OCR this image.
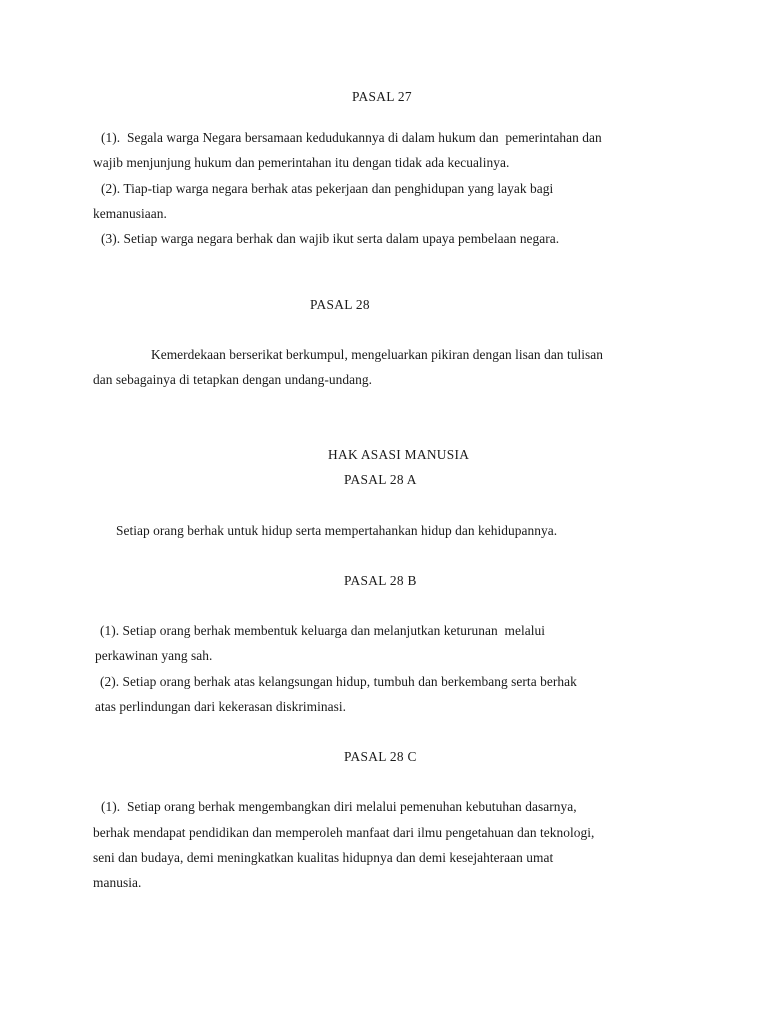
PASAL 27
(1).  Segala warga Negara bersamaan kedudukannya di dalam hukum dan  pemerintahan dan
wajib menjunjung hukum dan pemerintahan itu dengan tidak ada kecualinya.
(2). Tiap-tiap warga negara berhak atas pekerjaan dan penghidupan yang layak bagi
kemanusiaan.
(3). Setiap warga negara berhak dan wajib ikut serta dalam upaya pembelaan negara.
PASAL 28
Kemerdekaan berserikat berkumpul, mengeluarkan pikiran dengan lisan dan tulisan
dan sebagainya di tetapkan dengan undang-undang.
HAK ASASI MANUSIA
PASAL 28 A
Setiap orang berhak untuk hidup serta mempertahankan hidup dan kehidupannya.
PASAL 28 B
(1). Setiap orang berhak membentuk keluarga dan melanjutkan keturunan  melalui
perkawinan yang sah.
(2). Setiap orang berhak atas kelangsungan hidup, tumbuh dan berkembang serta berhak
atas perlindungan dari kekerasan diskriminasi.
PASAL 28 C
(1).  Setiap orang berhak mengembangkan diri melalui pemenuhan kebutuhan dasarnya,
berhak mendapat pendidikan dan memperoleh manfaat dari ilmu pengetahuan dan teknologi,
seni dan budaya, demi meningkatkan kualitas hidupnya dan demi kesejahteraan umat
manusia.
